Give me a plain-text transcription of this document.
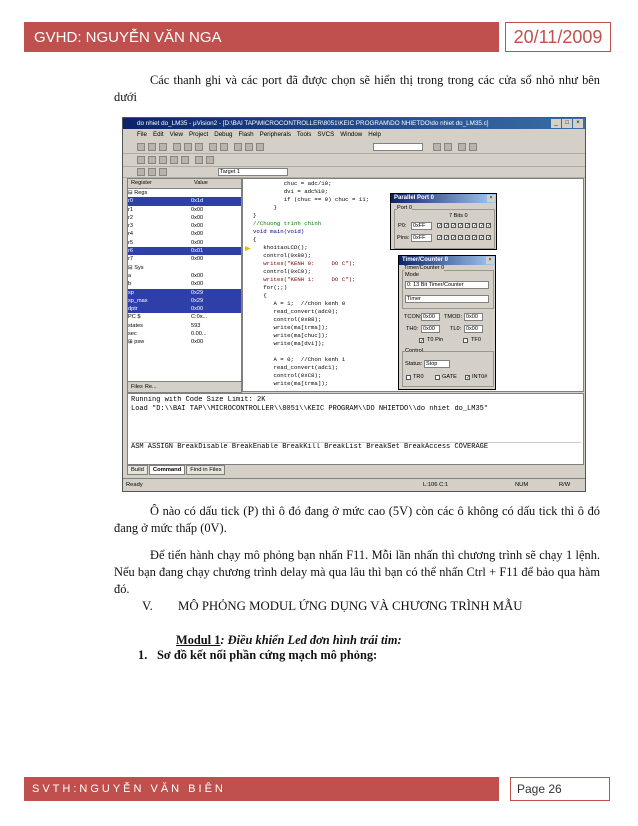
GVHD: NGUYỄN VĂN NGA	20/11/2009
Các thanh ghi và các port đã được chọn sẽ hiển thị trong trong các cửa sổ nhỏ như bên dưới
do nhiet do_LM35 - µVision2 - [D:\BAI TAP\MICROCONTROLLER\8051\KEIC PROGRAM\DO NHIETDO\do nhiet do_LM35.c]	_	□	×
File Edit View Project Debug Flash Peripherals Tools SVCS Window Help
Target 1
Register	Value
⊟ Regs
r0	0x1d
r1	0x00
r2	0x00
r3	0x00
r4	0x00
r5	0x00
r6	0x01
r7	0x00
⊟ Sys
a	0x00
b	0x00
sp	0x29
sp_max	0x29
dptr	0x00
PC $	C:0x...
states	593
sec	0.00...
⊞ psw	0x00
Files Re...
chuc = adc/10;
dvi = adc%10;
if (chuc == 0) chuc = 11;
}
}
//Chuong trinh chinh
void main(void)
{
khoitaoLCD();
control(0x80);
writes("KENH 0:     DO C");
control(0xC0);
writes("KENH 1:     DO C");
for(;;)
{
A = 1;  //chon kenh 0
read_convert(adc0);
control(0x88);
write(ma[trma]);
write(ma[chuc]);
write(ma[dvi]);

A = 0;  //Chon kenh 1
read_convert(adc1);
control(0xC8);
write(ma[trma]);
Parallel Port 0	×
Port 0
7 Bits 0
P0:	0xFF
Pins: 0xFF
✓ ✓ ✓ ✓ ✓ ✓ ✓ ✓
✓ ✓ ✓ ✓ ✓ ✓ ✓ ✓
Timer/Counter 0	×
Timer/Counter 0
Mode
0: 13 Bit Timer/Counter
Timer
TCON: 0x00	TMOD: 0x00
TH0: 0x00	TL0: 0x00
✓ T0 Pin	TF0
Control
Status: Stop
TR0	GATE ✓ INT0#
Running with Code Size Limit: 2K
Load "D:\\BAI TAP\\MICROCONTROLLER\\8051\\KEIC PROGRAM\\DO NHIETDO\\do nhiet do_LM35"
ASM ASSIGN BreakDisable BreakEnable BreakKill BreakList BreakSet BreakAccess COVERAGE
Build	Command	Find in Files
Ready	L:106 C:1	NUM	R/W
Ô nào có dấu tick (P) thì ô đó đang ở mức cao (5V) còn các ô không có dấu tick thì ô đó đang ở mức thấp (0V).
Để tiến hành chạy mô phỏng bạn nhấn F11. Mỗi lần nhấn thì chương trình sẽ chạy 1 lệnh. Nếu bạn đang chạy chương trình delay mà qua lâu thì bạn có thể nhấn Ctrl + F11 để bảo qua hàm đó.
V. MÔ PHỎNG MODUL ỨNG DỤNG VÀ CHƯƠNG TRÌNH MẪU
Modul 1: Điều khiển Led đơn hình trái tim:
1. Sơ đồ kết nối phần cứng mạch mô phỏng:
SVTH:NGUYỄN VĂN BIÊN	Page 26
